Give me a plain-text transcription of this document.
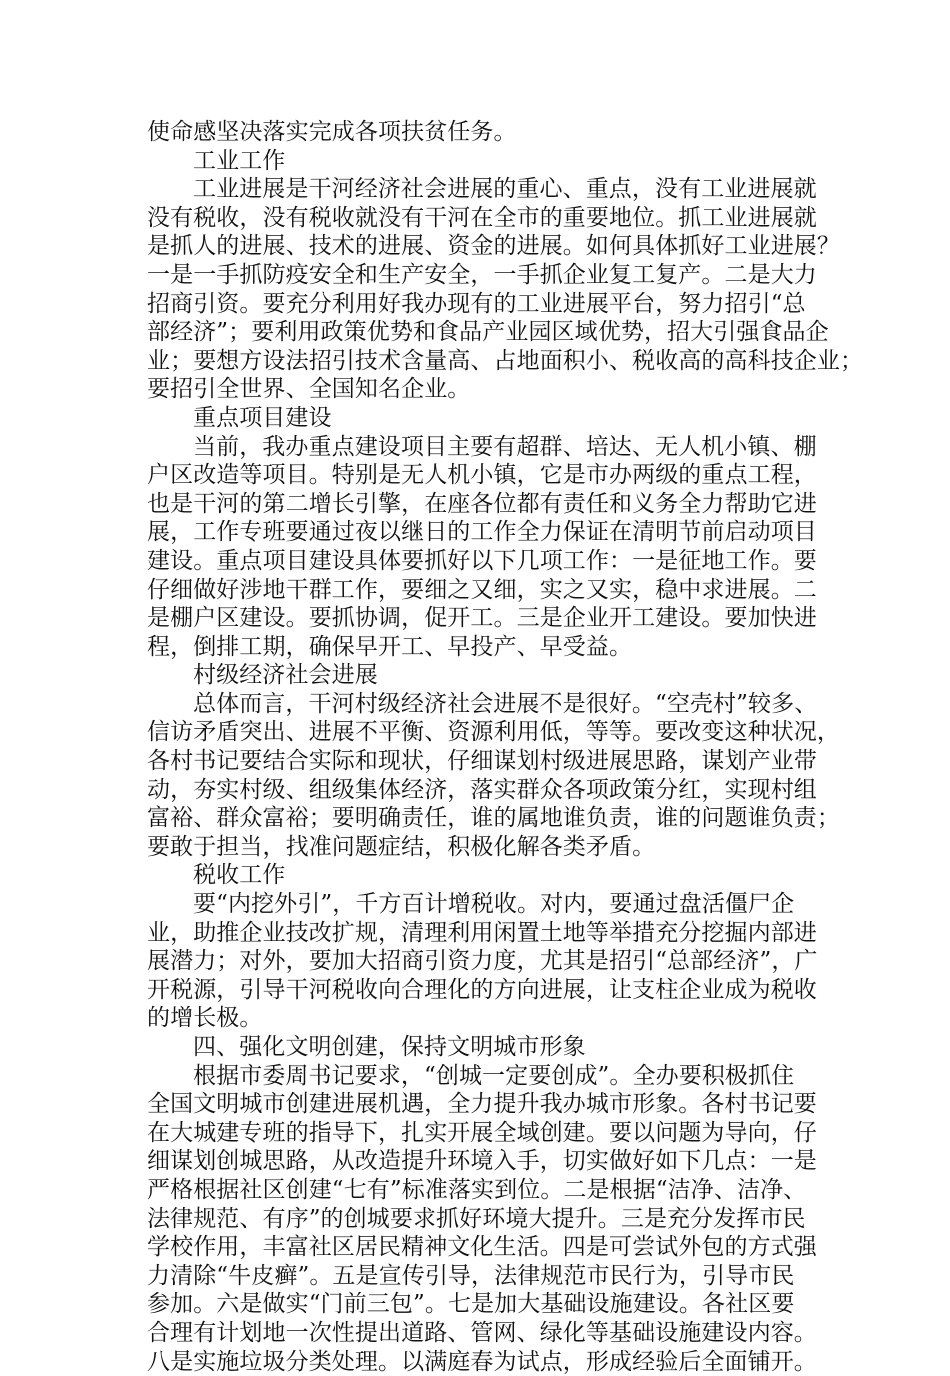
使命感坚决落实完成各项扶贫任务。
工业工作
工业进展是干河经济社会进展的重心、重点，没有工业进展就
没有税收，没有税收就没有干河在全市的重要地位。抓工业进展就
是抓人的进展、技术的进展、资金的进展。如何具体抓好工业进展？
一是一手抓防疫安全和生产安全，一手抓企业复工复产。二是大力
招商引资。要充分利用好我办现有的工业进展平台，努力招引“总
部经济”；要利用政策优势和食品产业园区域优势，招大引强食品企
业；要想方设法招引技术含量高、占地面积小、税收高的高科技企业；
要招引全世界、全国知名企业。
重点项目建设
当前，我办重点建设项目主要有超群、培达、无人机小镇、棚
户区改造等项目。特别是无人机小镇，它是市办两级的重点工程，
也是干河的第二增长引擎，在座各位都有责任和义务全力帮助它进
展，工作专班要通过夜以继日的工作全力保证在清明节前启动项目
建设。重点项目建设具体要抓好以下几项工作：一是征地工作。要
仔细做好涉地干群工作，要细之又细，实之又实，稳中求进展。二
是棚户区建设。要抓协调，促开工。三是企业开工建设。要加快进
程，倒排工期，确保早开工、早投产、早受益。
村级经济社会进展
总体而言，干河村级经济社会进展不是很好。“空壳村”较多、
信访矛盾突出、进展不平衡、资源利用低，等等。要改变这种状况，
各村书记要结合实际和现状，仔细谋划村级进展思路，谋划产业带
动，夯实村级、组级集体经济，落实群众各项政策分红，实现村组
富裕、群众富裕；要明确责任，谁的属地谁负责，谁的问题谁负责；
要敢于担当，找准问题症结，积极化解各类矛盾。
税收工作
要“内挖外引”，千方百计增税收。对内，要通过盘活僵尸企
业，助推企业技改扩规，清理利用闲置土地等举措充分挖掘内部进
展潜力；对外，要加大招商引资力度，尤其是招引“总部经济”，广
开税源，引导干河税收向合理化的方向进展，让支柱企业成为税收
的增长极。
四、强化文明创建，保持文明城市形象
根据市委周书记要求，“创城一定要创成”。全办要积极抓住
全国文明城市创建进展机遇，全力提升我办城市形象。各村书记要
在大城建专班的指导下，扎实开展全域创建。要以问题为导向，仔
细谋划创城思路，从改造提升环境入手，切实做好如下几点：一是
严格根据社区创建“七有”标准落实到位。二是根据“洁净、洁净、
法律规范、有序”的创城要求抓好环境大提升。三是充分发挥市民
学校作用，丰富社区居民精神文化生活。四是可尝试外包的方式强
力清除“牛皮癣”。五是宣传引导，法律规范市民行为，引导市民
参加。六是做实“门前三包”。七是加大基础设施建设。各社区要
合理有计划地一次性提出道路、管网、绿化等基础设施建设内容。
八是实施垃圾分类处理。以满庭春为试点，形成经验后全面铺开。
